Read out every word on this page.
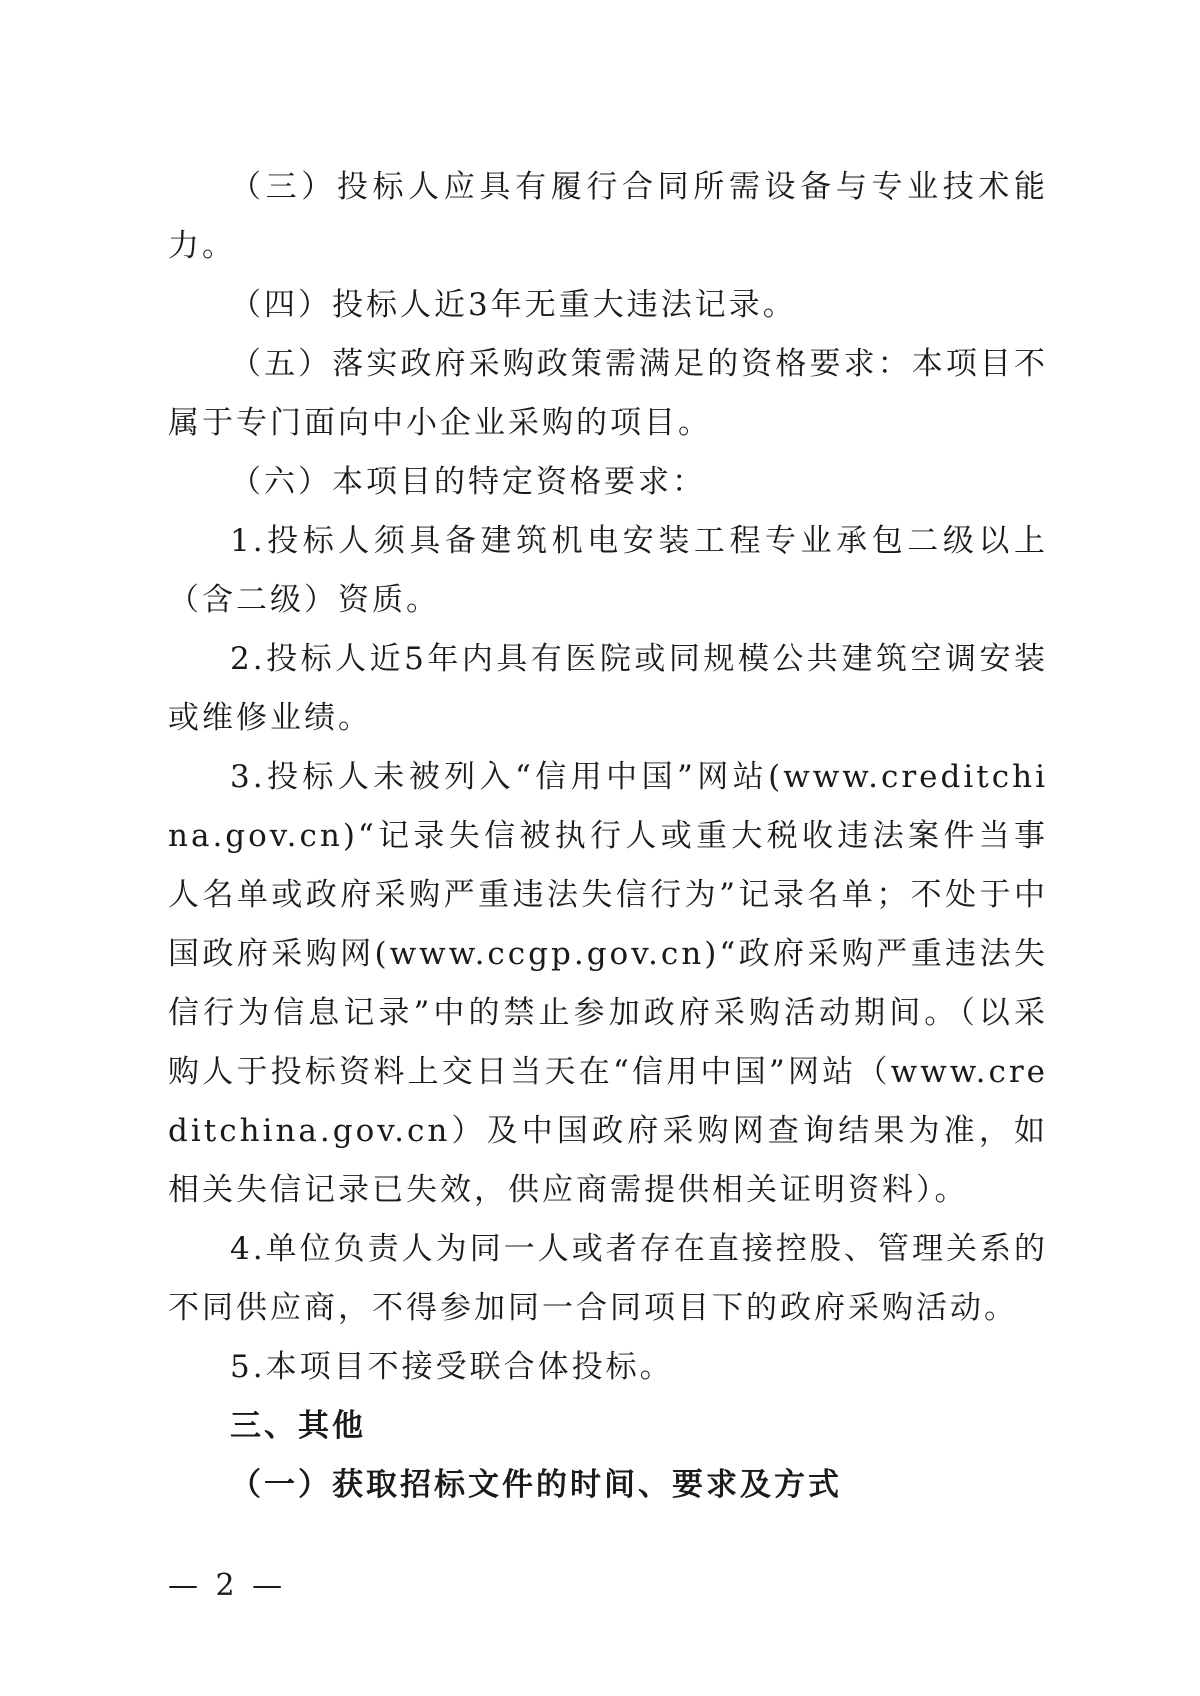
（三）投标人应具有履行合同所需设备与专业技术能力。

（四）投标人近3年无重大违法记录。

（五）落实政府采购政策需满足的资格要求：本项目不属于专门面向中小企业采购的项目。

（六）本项目的特定资格要求：

1.投标人须具备建筑机电安装工程专业承包二级以上（含二级）资质。

2.投标人近5年内具有医院或同规模公共建筑空调安装或维修业绩。

3.投标人未被列入“信用中国”网站(www.creditchina.gov.cn)“记录失信被执行人或重大税收违法案件当事人名单或政府采购严重违法失信行为”记录名单；不处于中国政府采购网(www.ccgp.gov.cn)“政府采购严重违法失信行为信息记录”中的禁止参加政府采购活动期间。（以采购人于投标资料上交日当天在“信用中国”网站（www.creditchina.gov.cn）及中国政府采购网查询结果为准，如相关失信记录已失效，供应商需提供相关证明资料）。

4.单位负责人为同一人或者存在直接控股、管理关系的不同供应商，不得参加同一合同项目下的政府采购活动。

5.本项目不接受联合体投标。

三、其他

（一）获取招标文件的时间、要求及方式

— 2 —
